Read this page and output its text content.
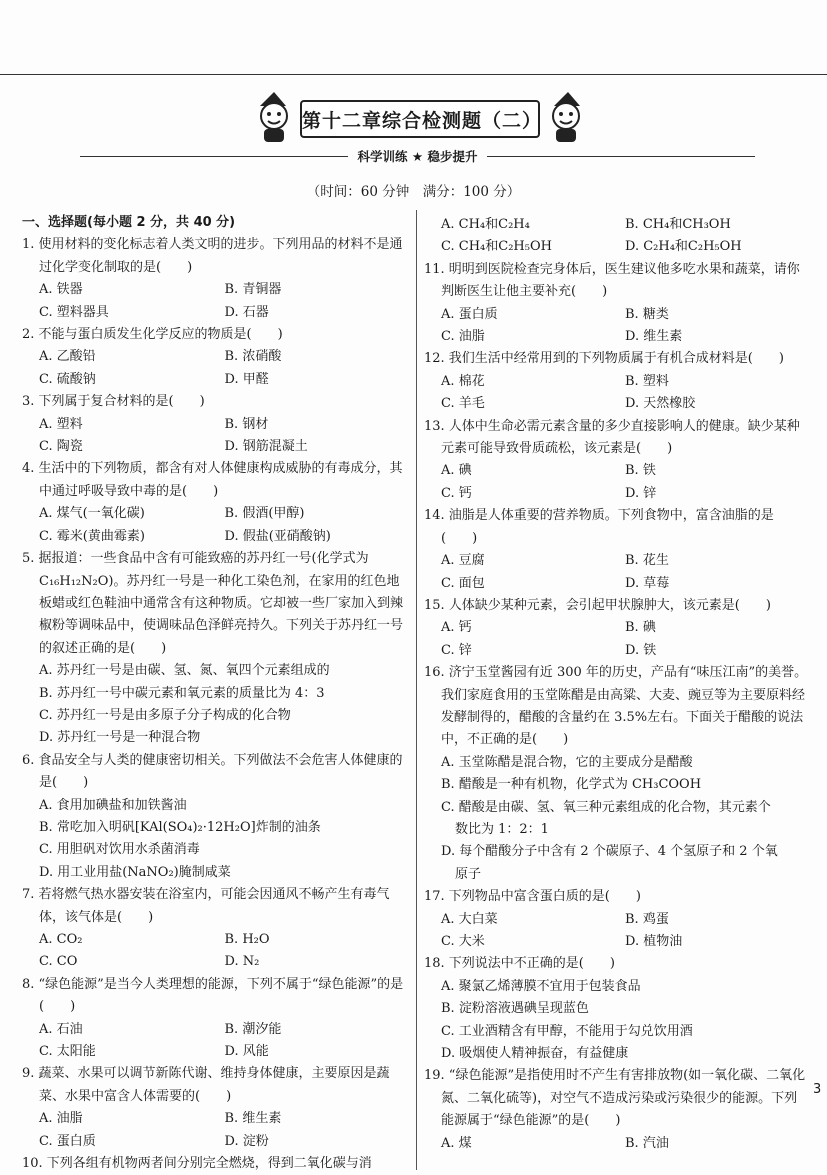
第十二章综合检测题（二）
科学训练 ★ 稳步提升
（时间：60 分钟　满分：100 分）
一、选择题(每小题 2 分，共 40 分)
1. 使用材料的变化标志着人类文明的进步。下列用品的材料不是通过化学变化制取的是(　　)
A. 铁器	B. 青铜器
C. 塑料器具	D. 石器
2. 不能与蛋白质发生化学反应的物质是(　　)
A. 乙酸铅	B. 浓硝酸
C. 硫酸钠	D. 甲醛
3. 下列属于复合材料的是(　　)
A. 塑料	B. 钢材
C. 陶瓷	D. 钢筋混凝土
4. 生活中的下列物质，都含有对人体健康构成威胁的有毒成分，其中通过呼吸导致中毒的是(　　)
A. 煤气(一氧化碳)	B. 假酒(甲醇)
C. 霉米(黄曲霉素)	D. 假盐(亚硝酸钠)
5. 据报道：一些食品中含有可能致癌的苏丹红一号(化学式为 C₁₆H₁₂N₂O)。苏丹红一号是一种化工染色剂，在家用的红色地板蜡或红色鞋油中通常含有这种物质。它却被一些厂家加入到辣椒粉等调味品中，使调味品色泽鲜亮持久。下列关于苏丹红一号的叙述正确的是(　　)
A. 苏丹红一号是由碳、氢、氮、氧四个元素组成的
B. 苏丹红一号中碳元素和氧元素的质量比为 4：3
C. 苏丹红一号是由多原子分子构成的化合物
D. 苏丹红一号是一种混合物
6. 食品安全与人类的健康密切相关。下列做法不会危害人体健康的是(　　)
A. 食用加碘盐和加铁酱油
B. 常吃加入明矾[KAl(SO₄)₂·12H₂O]炸制的油条
C. 用胆矾对饮用水杀菌消毒
D. 用工业用盐(NaNO₂)腌制咸菜
7. 若将燃气热水器安装在浴室内，可能会因通风不畅产生有毒气体，该气体是(　　)
A. CO₂	B. H₂O
C. CO	D. N₂
8. “绿色能源”是当今人类理想的能源，下列不属于“绿色能源”的是(　　)
A. 石油	B. 潮汐能
C. 太阳能	D. 风能
9. 蔬菜、水果可以调节新陈代谢、维持身体健康，主要原因是蔬菜、水果中富含人体需要的(　　)
A. 油脂	B. 维生素
C. 蛋白质	D. 淀粉
10. 下列各组有机物两者间分别完全燃烧，得到二氧化碳与消
A. CH₄和C₂H₄	B. CH₄和CH₃OH
C. CH₄和C₂H₅OH	D. C₂H₄和C₂H₅OH
11. 明明到医院检查完身体后，医生建议他多吃水果和蔬菜，请你判断医生让他主要补充(　　)
A. 蛋白质	B. 糖类
C. 油脂	D. 维生素
12. 我们生活中经常用到的下列物质属于有机合成材料是(　　)
A. 棉花	B. 塑料
C. 羊毛	D. 天然橡胶
13. 人体中生命必需元素含量的多少直接影响人的健康。缺少某种元素可能导致骨质疏松，该元素是(　　)
A. 碘	B. 铁
C. 钙	D. 锌
14. 油脂是人体重要的营养物质。下列食物中，富含油脂的是(　　)
A. 豆腐	B. 花生
C. 面包	D. 草莓
15. 人体缺少某种元素，会引起甲状腺肿大，该元素是(　　)
A. 钙	B. 碘
C. 锌	D. 铁
16. 济宁玉堂酱园有近 300 年的历史，产品有“味压江南”的美誉。我们家庭食用的玉堂陈醋是由高粱、大麦、豌豆等为主要原料经发酵制得的，醋酸的含量约在 3.5%左右。下面关于醋酸的说法中，不正确的是(　　)
A. 玉堂陈醋是混合物，它的主要成分是醋酸
B. 醋酸是一种有机物，化学式为 CH₃COOH
C. 醋酸是由碳、氢、氧三种元素组成的化合物，其元素个
数比为 1：2：1
D. 每个醋酸分子中含有 2 个碳原子、4 个氢原子和 2 个氧
原子
17. 下列物品中富含蛋白质的是(　　)
A. 大白菜	B. 鸡蛋
C. 大米	D. 植物油
18. 下列说法中不正确的是(　　)
A. 聚氯乙烯薄膜不宜用于包装食品
B. 淀粉溶液遇碘呈现蓝色
C. 工业酒精含有甲醇，不能用于勾兑饮用酒
D. 吸烟使人精神振奋，有益健康
19. “绿色能源”是指使用时不产生有害排放物(如一氧化碳、二氧化氮、二氧化硫等)，对空气不造成污染或污染很少的能源。下列能源属于“绿色能源”的是(　　)
A. 煤	B. 汽油
3
